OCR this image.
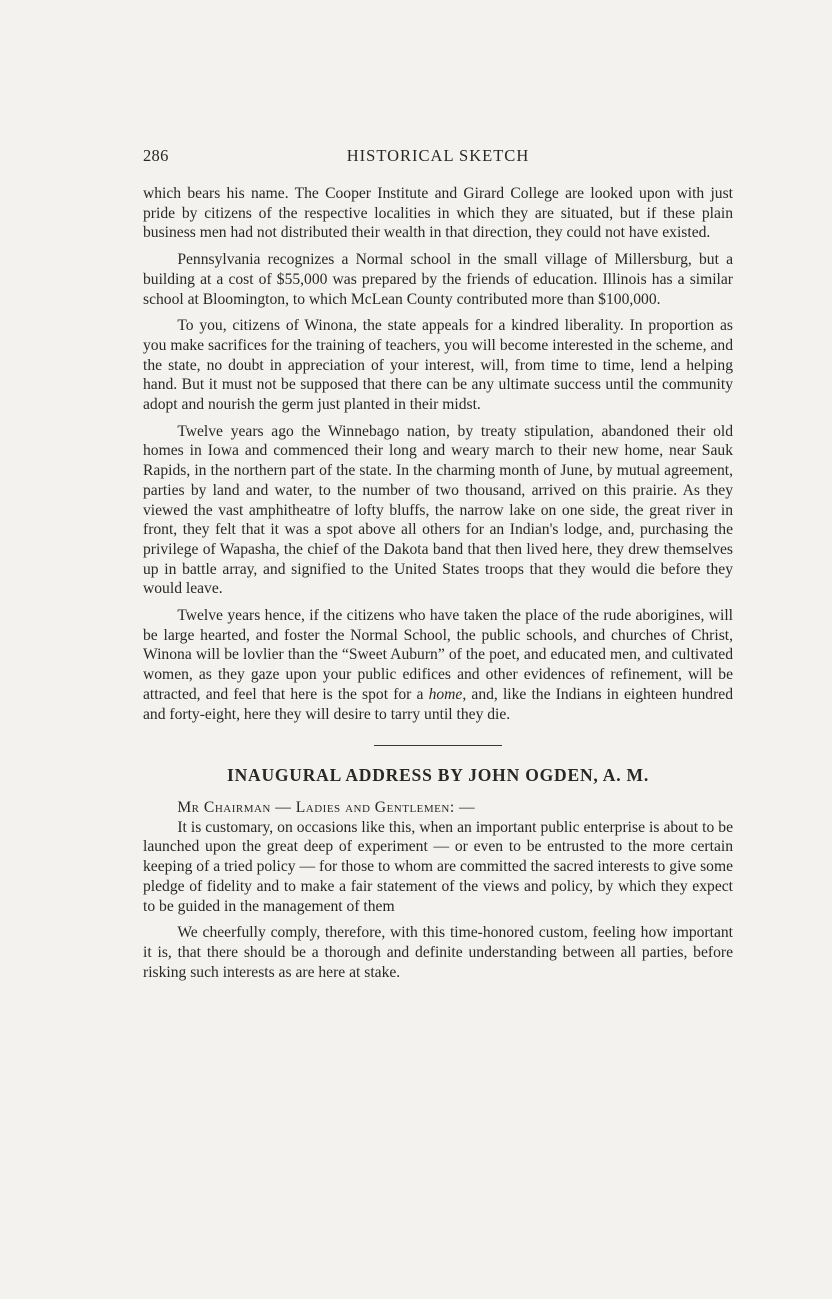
286	HISTORICAL SKETCH

which bears his name. The Cooper Institute and Girard College are looked upon with just pride by citizens of the respective localities in which they are situated, but if these plain business men had not distributed their wealth in that direction, they could not have existed.

Pennsylvania recognizes a Normal school in the small village of Millersburg, but a building at a cost of $55,000 was prepared by the friends of education. Illinois has a similar school at Bloomington, to which McLean County contributed more than $100,000.

To you, citizens of Winona, the state appeals for a kindred liberality. In proportion as you make sacrifices for the training of teachers, you will become interested in the scheme, and the state, no doubt in appreciation of your interest, will, from time to time, lend a helping hand. But it must not be supposed that there can be any ultimate success until the community adopt and nourish the germ just planted in their midst.

Twelve years ago the Winnebago nation, by treaty stipulation, abandoned their old homes in Iowa and commenced their long and weary march to their new home, near Sauk Rapids, in the northern part of the state. In the charming month of June, by mutual agreement, parties by land and water, to the number of two thousand, arrived on this prairie. As they viewed the vast amphitheatre of lofty bluffs, the narrow lake on one side, the great river in front, they felt that it was a spot above all others for an Indian's lodge, and, purchasing the privilege of Wapasha, the chief of the Dakota band that then lived here, they drew themselves up in battle array, and signified to the United States troops that they would die before they would leave.

Twelve years hence, if the citizens who have taken the place of the rude aborigines, will be large hearted, and foster the Normal School, the public schools, and churches of Christ, Winona will be lovlier than the “Sweet Auburn” of the poet, and educated men, and cultivated women, as they gaze upon your public edifices and other evidences of refinement, will be attracted, and feel that here is the spot for a home, and, like the Indians in eighteen hundred and forty-eight, here they will desire to tarry until they die.

INAUGURAL ADDRESS BY JOHN OGDEN, A. M.

Mr Chairman — Ladies and Gentlemen: —

It is customary, on occasions like this, when an important public enterprise is about to be launched upon the great deep of experiment — or even to be entrusted to the more certain keeping of a tried policy — for those to whom are committed the sacred interests to give some pledge of fidelity and to make a fair statement of the views and policy, by which they expect to be guided in the management of them

We cheerfully comply, therefore, with this time-honored custom, feeling how important it is, that there should be a thorough and definite understanding between all parties, before risking such interests as are here at stake.
